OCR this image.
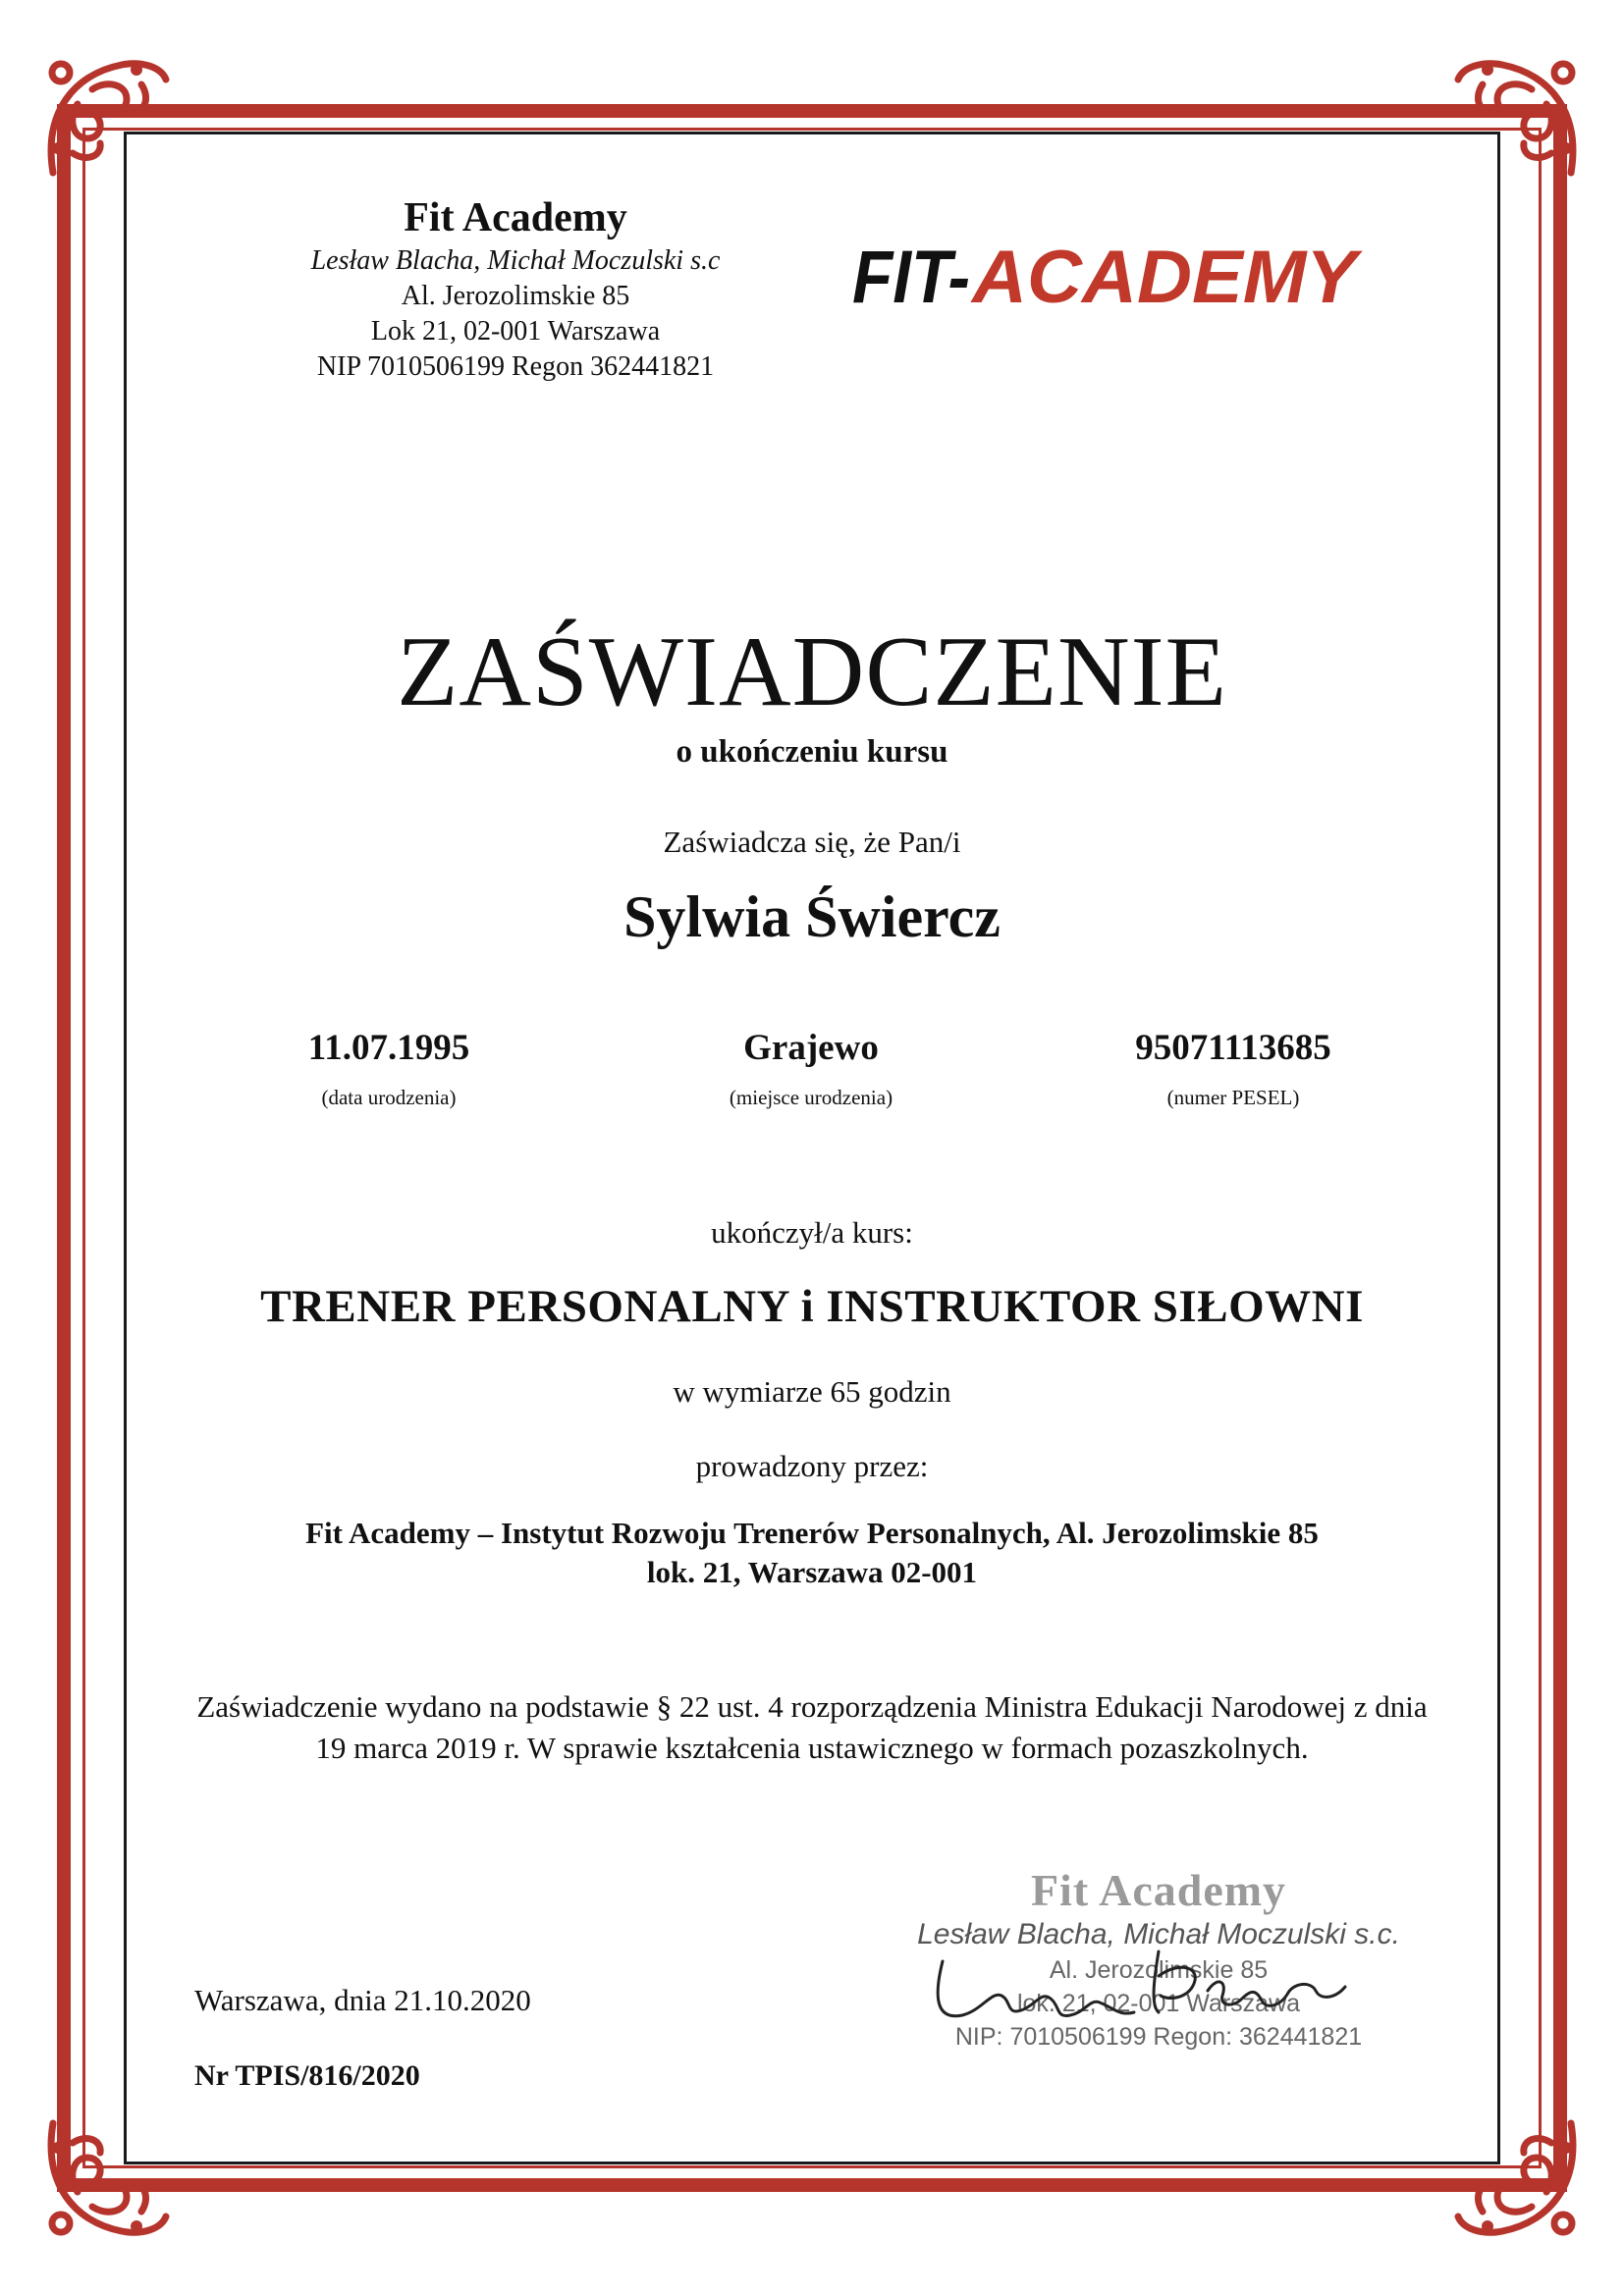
Fit Academy
Lesław Blacha, Michał Moczulski s.c
Al. Jerozolimskie 85
Lok 21, 02-001 Warszawa
NIP 7010506199 Regon 362441821
FIT- ACADEMY
ZAŚWIADCZENIE
o ukończeniu kursu
Zaświadcza się, że Pan/i
Sylwia Świercz
11.07.1995
(data urodzenia)
Grajewo
(miejsce urodzenia)
95071113685
(numer PESEL)
ukończył/a kurs:
TRENER PERSONALNY i INSTRUKTOR SIŁOWNI
w wymiarze 65 godzin
prowadzony przez:
Fit Academy – Instytut Rozwoju Trenerów Personalnych, Al. Jerozolimskie 85
lok. 21, Warszawa 02-001
Zaświadczenie wydano na podstawie § 22 ust. 4 rozporządzenia Ministra Edukacji Narodowej z dnia 19 marca 2019 r. W sprawie kształcenia ustawicznego w formach pozaszkolnych.
Warszawa, dnia 21.10.2020
Nr TPIS/816/2020
Fit Academy
Lesław Blacha, Michał Moczulski s.c.
Al. Jerozolimskie 85
lok. 21, 02-001 Warszawa
NIP: 7010506199 Regon: 362441821
